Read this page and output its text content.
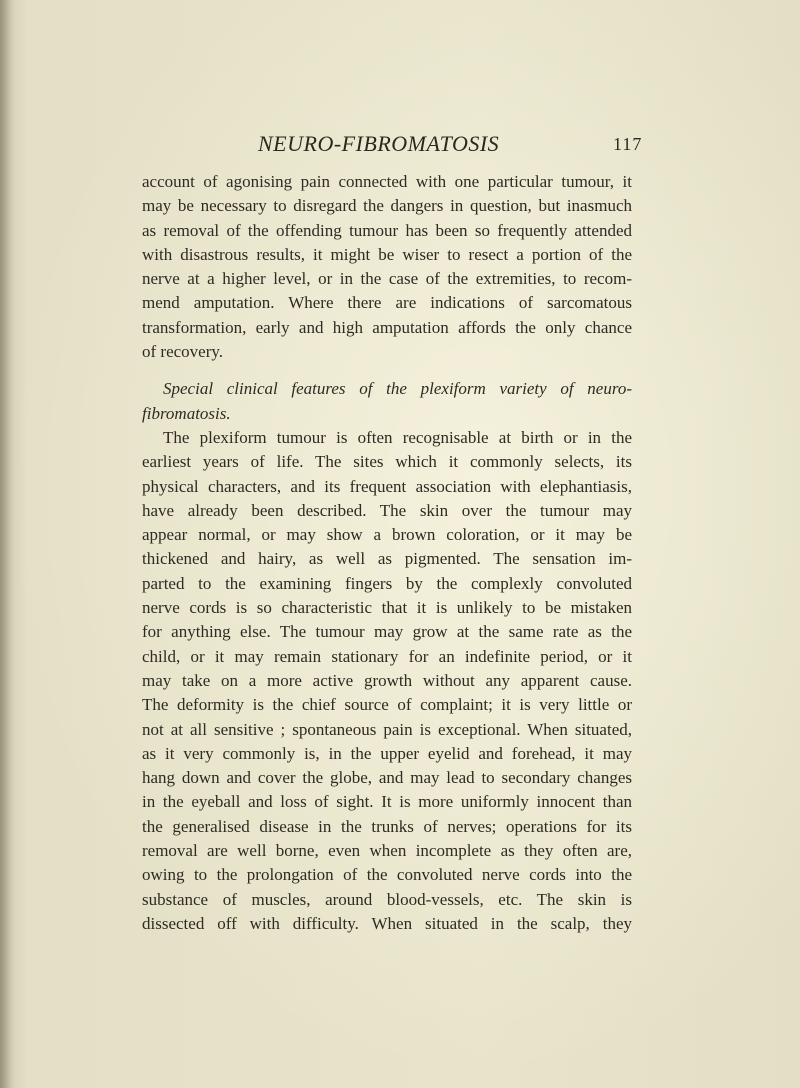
NEURO-FIBROMATOSIS	117
account of agonising pain connected with one particular tumour, it
may be necessary to disregard the dangers in question, but inasmuch
as removal of the offending tumour has been so frequently attended
with disastrous results, it might be wiser to resect a portion of the
nerve at a higher level, or in the case of the extremities, to recom-
mend amputation. Where there are indications of sarcomatous
transformation, early and high amputation affords the only chance
of recovery.
Special clinical features of the plexiform variety of neuro-
fibromatosis.
The plexiform tumour is often recognisable at birth or in the
earliest years of life. The sites which it commonly selects, its
physical characters, and its frequent association with elephantiasis,
have already been described. The skin over the tumour may
appear normal, or may show a brown coloration, or it may be
thickened and hairy, as well as pigmented. The sensation im-
parted to the examining fingers by the complexly convoluted
nerve cords is so characteristic that it is unlikely to be mistaken
for anything else. The tumour may grow at the same rate as the
child, or it may remain stationary for an indefinite period, or it
may take on a more active growth without any apparent cause.
The deformity is the chief source of complaint; it is very little or
not at all sensitive ; spontaneous pain is exceptional. When situated,
as it very commonly is, in the upper eyelid and forehead, it may
hang down and cover the globe, and may lead to secondary changes
in the eyeball and loss of sight. It is more uniformly innocent than
the generalised disease in the trunks of nerves; operations for its
removal are well borne, even when incomplete as they often are,
owing to the prolongation of the convoluted nerve cords into the
substance of muscles, around blood-vessels, etc. The skin is
dissected off with difficulty. When situated in the scalp, they
